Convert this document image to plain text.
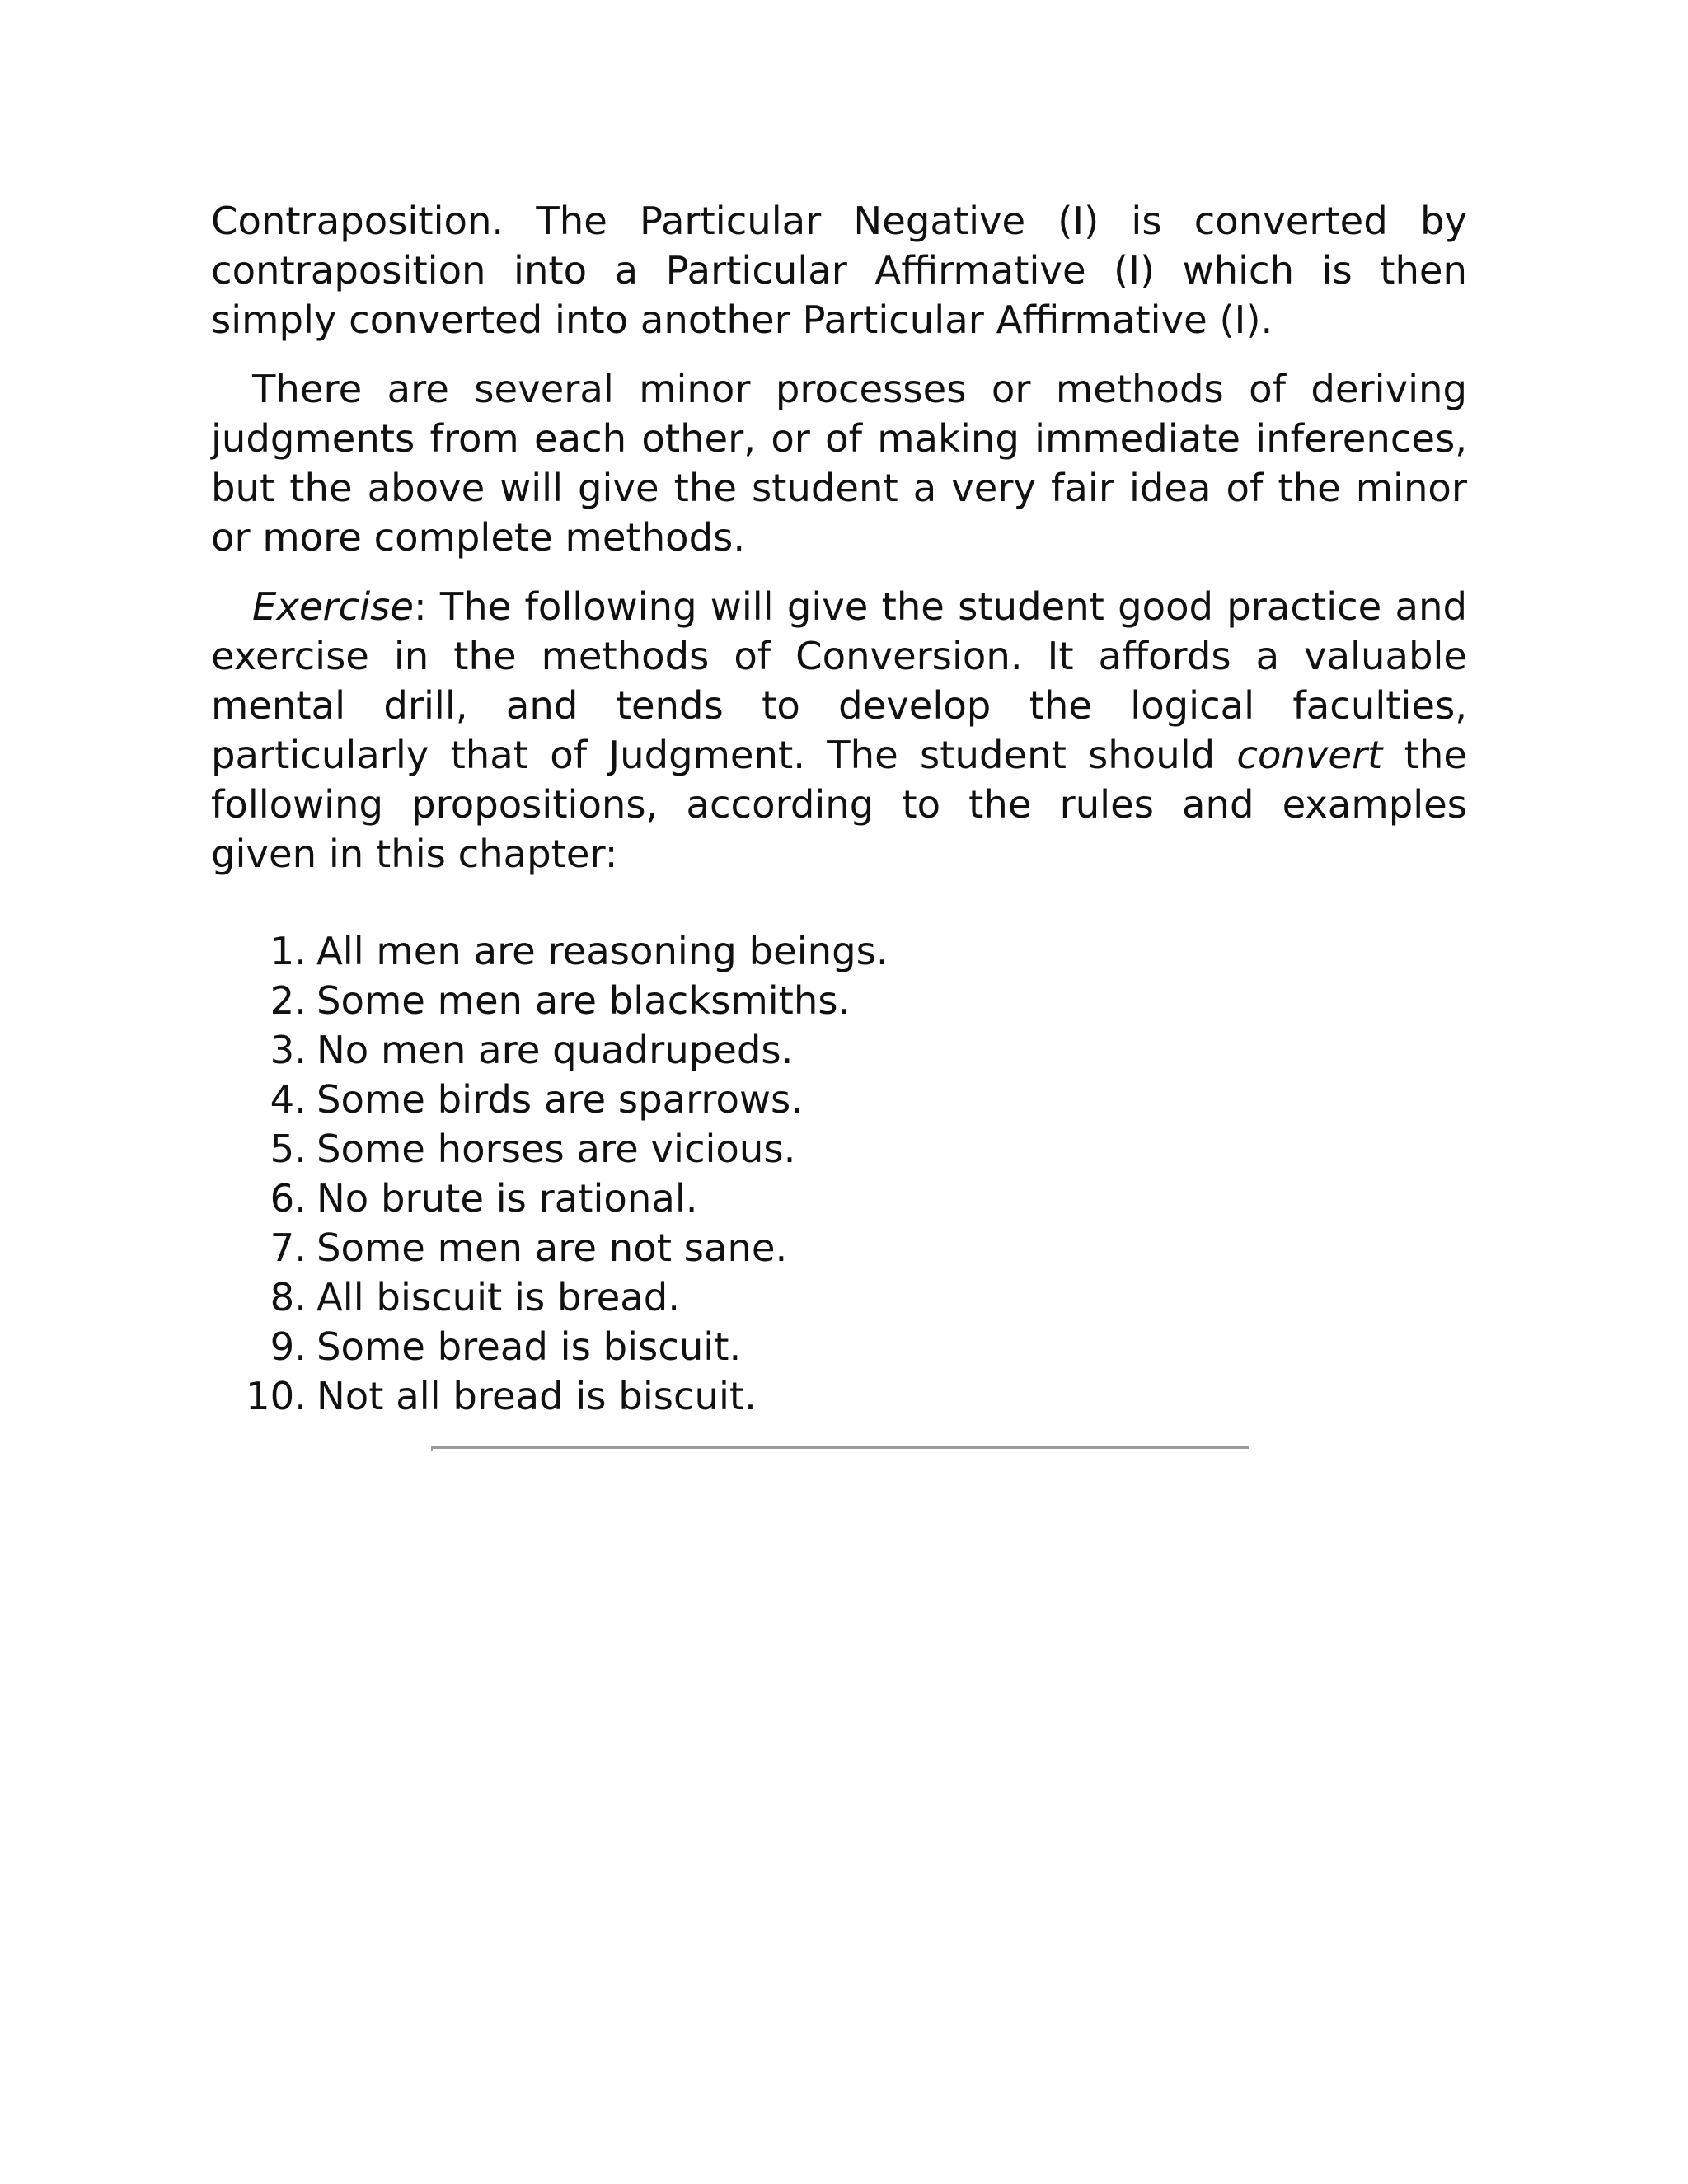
Contraposition. The Particular Negative (I) is converted by contraposition into a Particular Affirmative (I) which is then simply converted into another Particular Affirmative (I).

There are several minor processes or methods of deriving judgments from each other, or of making immediate inferences, but the above will give the student a very fair idea of the minor or more complete methods.

Exercise: The following will give the student good practice and exercise in the methods of Conversion. It affords a valuable mental drill, and tends to develop the logical faculties, particularly that of Judgment. The student should convert the following propositions, according to the rules and examples given in this chapter:

1. All men are reasoning beings.
2. Some men are blacksmiths.
3. No men are quadrupeds.
4. Some birds are sparrows.
5. Some horses are vicious.
6. No brute is rational.
7. Some men are not sane.
8. All biscuit is bread.
9. Some bread is biscuit.
10. Not all bread is biscuit.
